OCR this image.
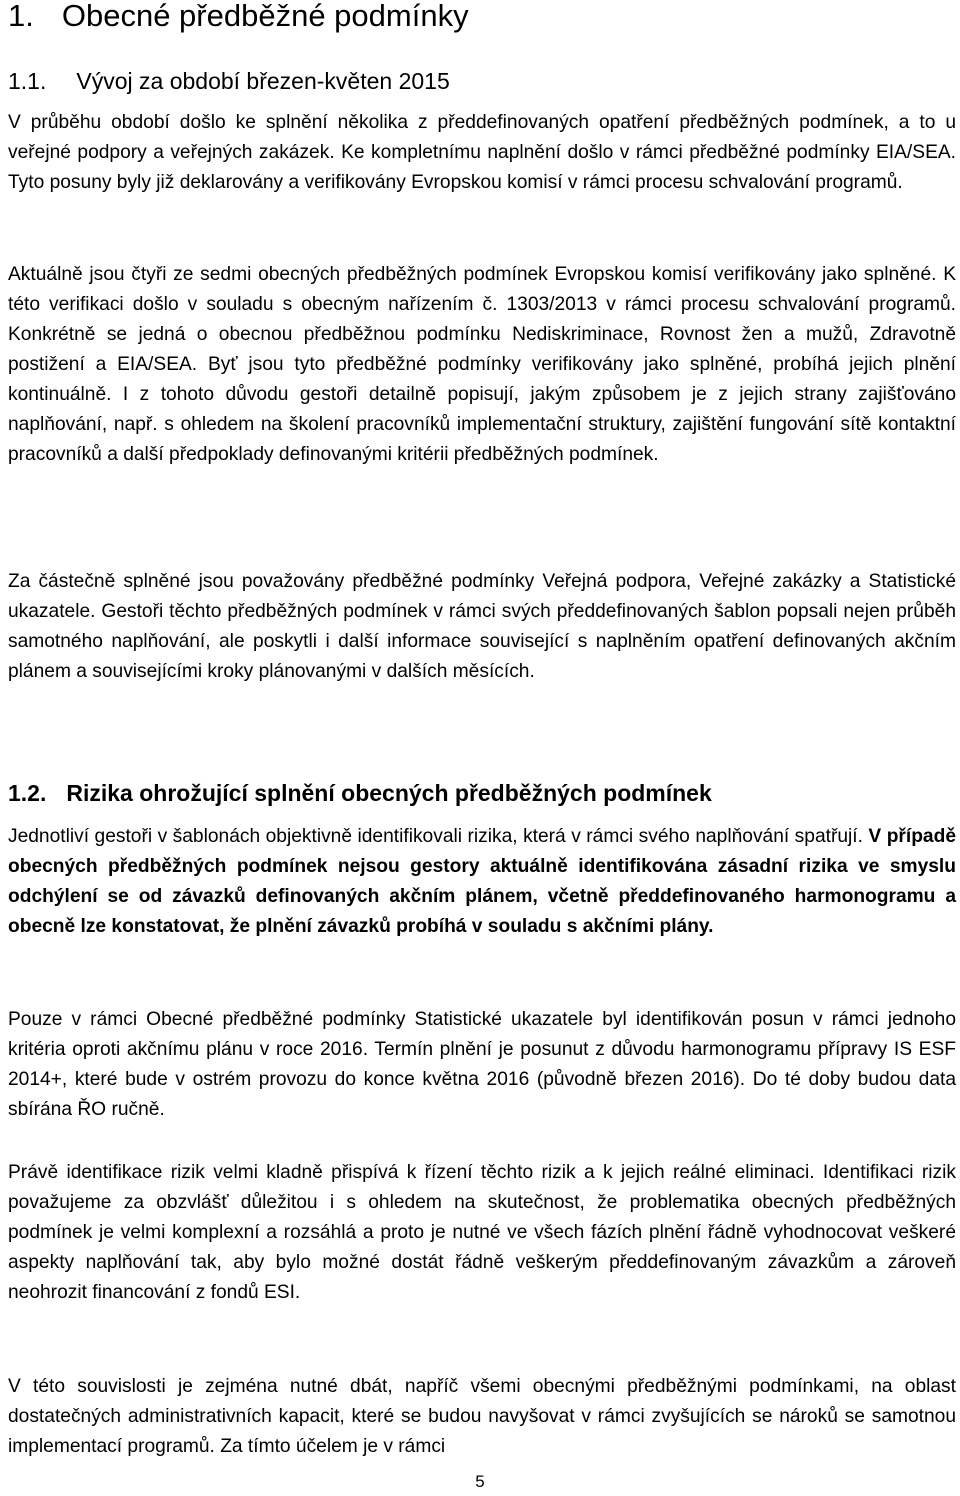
1. Obecné předběžné podmínky
1.1. Vývoj za období březen-květen 2015

V průběhu období došlo ke splnění několika z předdefinovaných opatření předběžných podmínek, a to u veřejné podpory a veřejných zakázek. Ke kompletnímu naplnění došlo v rámci předběžné podmínky EIA/SEA. Tyto posuny byly již deklarovány a verifikovány Evropskou komisí v rámci procesu schvalování programů.

Aktuálně jsou čtyři ze sedmi obecných předběžných podmínek Evropskou komisí verifikovány jako splněné. K této verifikaci došlo v souladu s obecným nařízením č. 1303/2013 v rámci procesu schvalování programů. Konkrétně se jedná o obecnou předběžnou podmínku Nediskriminace, Rovnost žen a mužů, Zdravotně postižení a EIA/SEA. Byť jsou tyto předběžné podmínky verifikovány jako splněné, probíhá jejich plnění kontinuálně. I z tohoto důvodu gestoři detailně popisují, jakým způsobem je z jejich strany zajišťováno naplňování, např. s ohledem na školení pracovníků implementační struktury, zajištění fungování sítě kontaktní pracovníků a další předpoklady definovanými kritérii předběžných podmínek.

Za částečně splněné jsou považovány předběžné podmínky Veřejná podpora, Veřejné zakázky a Statistické ukazatele. Gestoři těchto předběžných podmínek v rámci svých předdefinovaných šablon popsali nejen průběh samotného naplňování, ale poskytli i další informace související s naplněním opatření definovaných akčním plánem a souvisejícími kroky plánovanými v dalších měsících.

1.2. Rizika ohrožující splnění obecných předběžných podmínek

Jednotliví gestoři v šablonách objektivně identifikovali rizika, která v rámci svého naplňování spatřují. V případě obecných předběžných podmínek nejsou gestory aktuálně identifikována zásadní rizika ve smyslu odchýlení se od závazků definovaných akčním plánem, včetně předdefinovaného harmonogramu a obecně lze konstatovat, že plnění závazků probíhá v souladu s akčními plány.

Pouze v rámci Obecné předběžné podmínky Statistické ukazatele byl identifikován posun v rámci jednoho kritéria oproti akčnímu plánu v roce 2016. Termín plnění je posunut z důvodu harmonogramu přípravy IS ESF 2014+, které bude v ostrém provozu do konce května 2016 (původně březen 2016). Do té doby budou data sbírána ŘO ručně.

Právě identifikace rizik velmi kladně přispívá k řízení těchto rizik a k jejich reálné eliminaci. Identifikaci rizik považujeme za obzvlášť důležitou i s ohledem na skutečnost, že problematika obecných předběžných podmínek je velmi komplexní a rozsáhlá a proto je nutné ve všech fázích plnění řádně vyhodnocovat veškeré aspekty naplňování tak, aby bylo možné dostát řádně veškerým předdefinovaným závazkům a zároveň neohrozit financování z fondů ESI.

V této souvislosti je zejména nutné dbát, napříč všemi obecnými předběžnými podmínkami, na oblast dostatečných administrativních kapacit, které se budou navyšovat v rámci zvyšujících se nároků se samotnou implementací programů. Za tímto účelem je v rámci

5
